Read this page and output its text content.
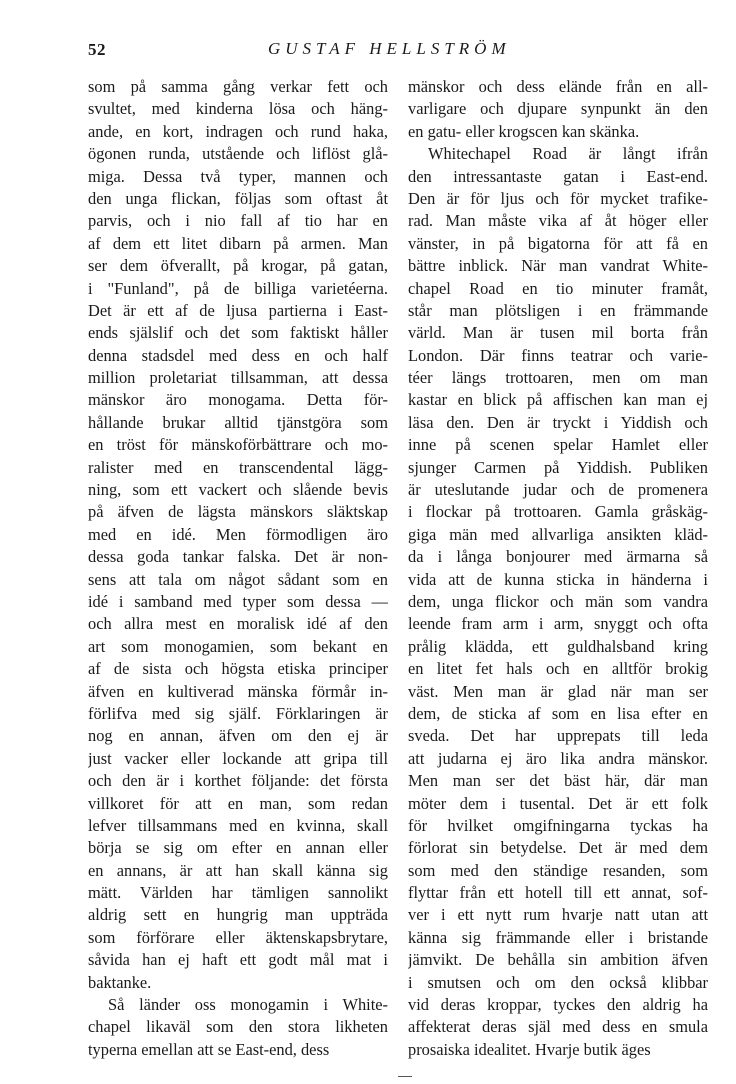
52	GUSTAF HELLSTRÖM
som på samma gång verkar fett och
svultet, med kinderna lösa och häng-
ande, en kort, indragen och rund haka,
ögonen runda, utstående och liflöst glå-
miga. Dessa två typer, mannen och
den unga flickan, följas som oftast åt
parvis, och i nio fall af tio har en
af dem ett litet dibarn på armen. Man
ser dem öfverallt, på krogar, på gatan,
i "Funland", på de billiga varietéerna.
Det är ett af de ljusa partierna i East-
ends själslif och det som faktiskt håller
denna stadsdel med dess en och half
million proletariat tillsamman, att dessa
mänskor äro monogama. Detta för-
hållande brukar alltid tjänstgöra som
en tröst för mänskoförbättrare och mo-
ralister med en transcendental lägg-
ning, som ett vackert och slående bevis
på äfven de lägsta mänskors släktskap
med en idé. Men förmodligen äro
dessa goda tankar falska. Det är non-
sens att tala om något sådant som en
idé i samband med typer som dessa —
och allra mest en moralisk idé af den
art som monogamien, som bekant en
af de sista och högsta etiska principer
äfven en kultiverad mänska förmår in-
förlifva med sig själf. Förklaringen är
nog en annan, äfven om den ej är
just vacker eller lockande att gripa till
och den är i korthet följande: det första
villkoret för att en man, som redan
lefver tillsammans med en kvinna, skall
börja se sig om efter en annan eller
en annans, är att han skall känna sig
mätt. Världen har tämligen sannolikt
aldrig sett en hungrig man uppträda
som förförare eller äktenskapsbrytare,
såvida han ej haft ett godt mål mat i
baktanke.
Så länder oss monogamin i White-
chapel likaväl som den stora likheten
typerna emellan att se East-end, dess
mänskor och dess elände från en all-
varligare och djupare synpunkt än den
en gatu- eller krogscen kan skänka.
Whitechapel Road är långt ifrån
den intressantaste gatan i East-end.
Den är för ljus och för mycket trafike-
rad. Man måste vika af åt höger eller
vänster, in på bigatorna för att få en
bättre inblick. När man vandrat White-
chapel Road en tio minuter framåt,
står man plötsligen i en främmande
värld. Man är tusen mil borta från
London. Där finns teatrar och varie-
téer längs trottoaren, men om man
kastar en blick på affischen kan man ej
läsa den. Den är tryckt i Yiddish och
inne på scenen spelar Hamlet eller
sjunger Carmen på Yiddish. Publiken
är uteslutande judar och de promenera
i flockar på trottoaren. Gamla gråskäg-
giga män med allvarliga ansikten kläd-
da i långa bonjourer med ärmarna så
vida att de kunna sticka in händerna i
dem, unga flickor och män som vandra
leende fram arm i arm, snyggt och ofta
prålig klädda, ett guldhalsband kring
en litet fet hals och en alltför brokig
väst. Men man är glad när man ser
dem, de sticka af som en lisa efter en
sveda. Det har upprepats till leda
att judarna ej äro lika andra mänskor.
Men man ser det bäst här, där man
möter dem i tusental. Det är ett folk
för hvilket omgifningarna tyckas ha
förlorat sin betydelse. Det är med dem
som med den ständige resanden, som
flyttar från ett hotell till ett annat, sof-
ver i ett nytt rum hvarje natt utan att
känna sig främmande eller i bristande
jämvikt. De behålla sin ambition äfven
i smutsen och om den också klibbar
vid deras kroppar, tyckes den aldrig ha
affekterat deras själ med dess en smula
prosaiska idealitet. Hvarje butik äges
